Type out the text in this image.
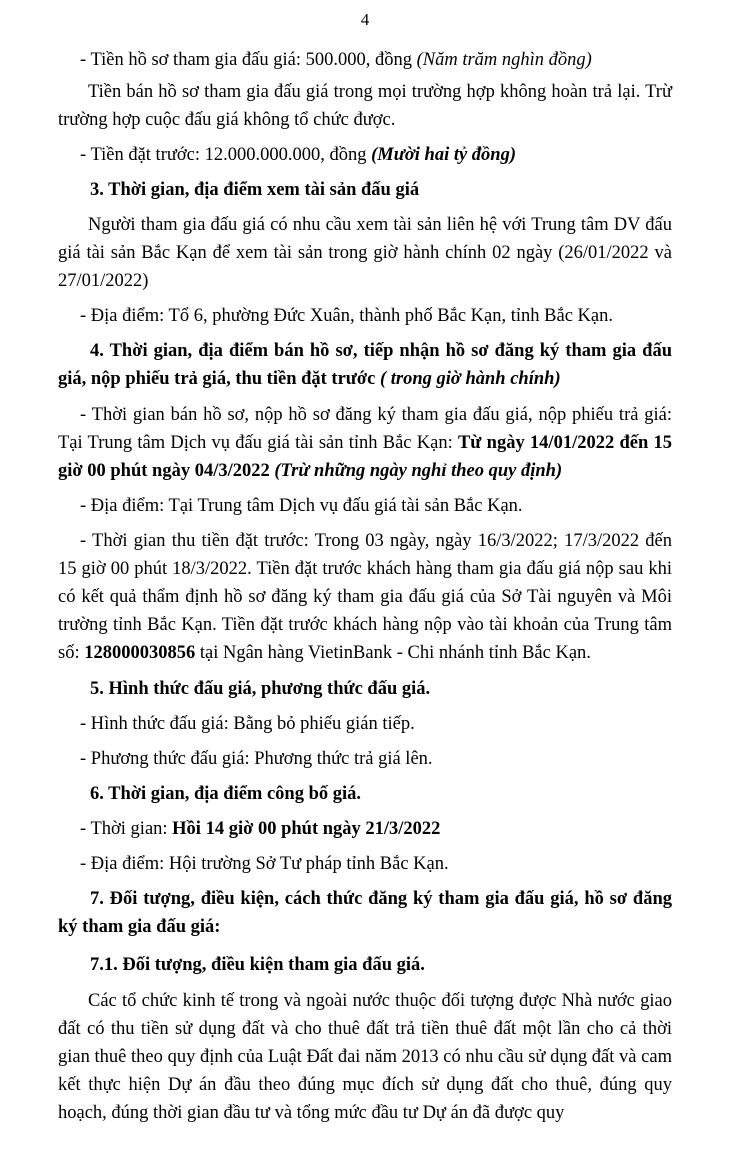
4

- Tiền hồ sơ tham gia đấu giá: 500.000, đồng (Năm trăm nghìn đồng)

Tiền bán hồ sơ tham gia đấu giá trong mọi trường hợp không hoàn trả lại. Trừ trường hợp cuộc đấu giá không tổ chức được.

- Tiền đặt trước: 12.000.000.000, đồng (Mười hai tỷ đồng)

3. Thời gian, địa điểm xem tài sản đấu giá

Người tham gia đấu giá có nhu cầu xem tài sản liên hệ với Trung tâm DV đấu giá tài sản Bắc Kạn để xem tài sản trong giờ hành chính 02 ngày (26/01/2022 và 27/01/2022)

- Địa điểm: Tổ 6, phường Đức Xuân, thành phố Bắc Kạn, tỉnh Bắc Kạn.

4. Thời gian, địa điểm bán hồ sơ, tiếp nhận hồ sơ đăng ký tham gia đấu giá, nộp phiếu trả giá, thu tiền đặt trước ( trong giờ hành chính)

- Thời gian bán hồ sơ, nộp hồ sơ đăng ký tham gia đấu giá, nộp phiếu trả giá: Tại Trung tâm Dịch vụ đấu giá tài sản tỉnh Bắc Kạn: Từ ngày 14/01/2022 đến 15 giờ 00 phút ngày 04/3/2022 (Trừ những ngày nghỉ theo quy định)

- Địa điểm: Tại Trung tâm Dịch vụ đấu giá tài sản Bắc Kạn.

- Thời gian thu tiền đặt trước: Trong 03 ngày, ngày 16/3/2022; 17/3/2022 đến 15 giờ 00 phút 18/3/2022. Tiền đặt trước khách hàng tham gia đấu giá nộp sau khi có kết quả thẩm định hồ sơ đăng ký tham gia đấu giá của Sở Tài nguyên và Môi trường tỉnh Bắc Kạn. Tiền đặt trước khách hàng nộp vào tài khoản của Trung tâm số: 128000030856 tại Ngân hàng VietinBank - Chi nhánh tỉnh Bắc Kạn.

5. Hình thức đấu giá, phương thức đấu giá.

- Hình thức đấu giá: Bằng bỏ phiếu gián tiếp.

- Phương thức đấu giá: Phương thức trả giá lên.

6. Thời gian, địa điểm công bố giá.

- Thời gian: Hồi 14 giờ 00 phút ngày 21/3/2022

- Địa điểm: Hội trường Sở Tư pháp tỉnh Bắc Kạn.

7. Đối tượng, điều kiện, cách thức đăng ký tham gia đấu giá, hồ sơ đăng ký tham gia đấu giá:

7.1. Đối tượng, điều kiện tham gia đấu giá.

Các tổ chức kinh tế trong và ngoài nước thuộc đối tượng được Nhà nước giao đất có thu tiền sử dụng đất và cho thuê đất trả tiền thuê đất một lần cho cả thời gian thuê theo quy định của Luật Đất đai năm 2013 có nhu cầu sử dụng đất và cam kết thực hiện Dự án đầu theo đúng mục đích sử dụng đất cho thuê, đúng quy hoạch, đúng thời gian đầu tư và tổng mức đầu tư Dự án đã được quy
